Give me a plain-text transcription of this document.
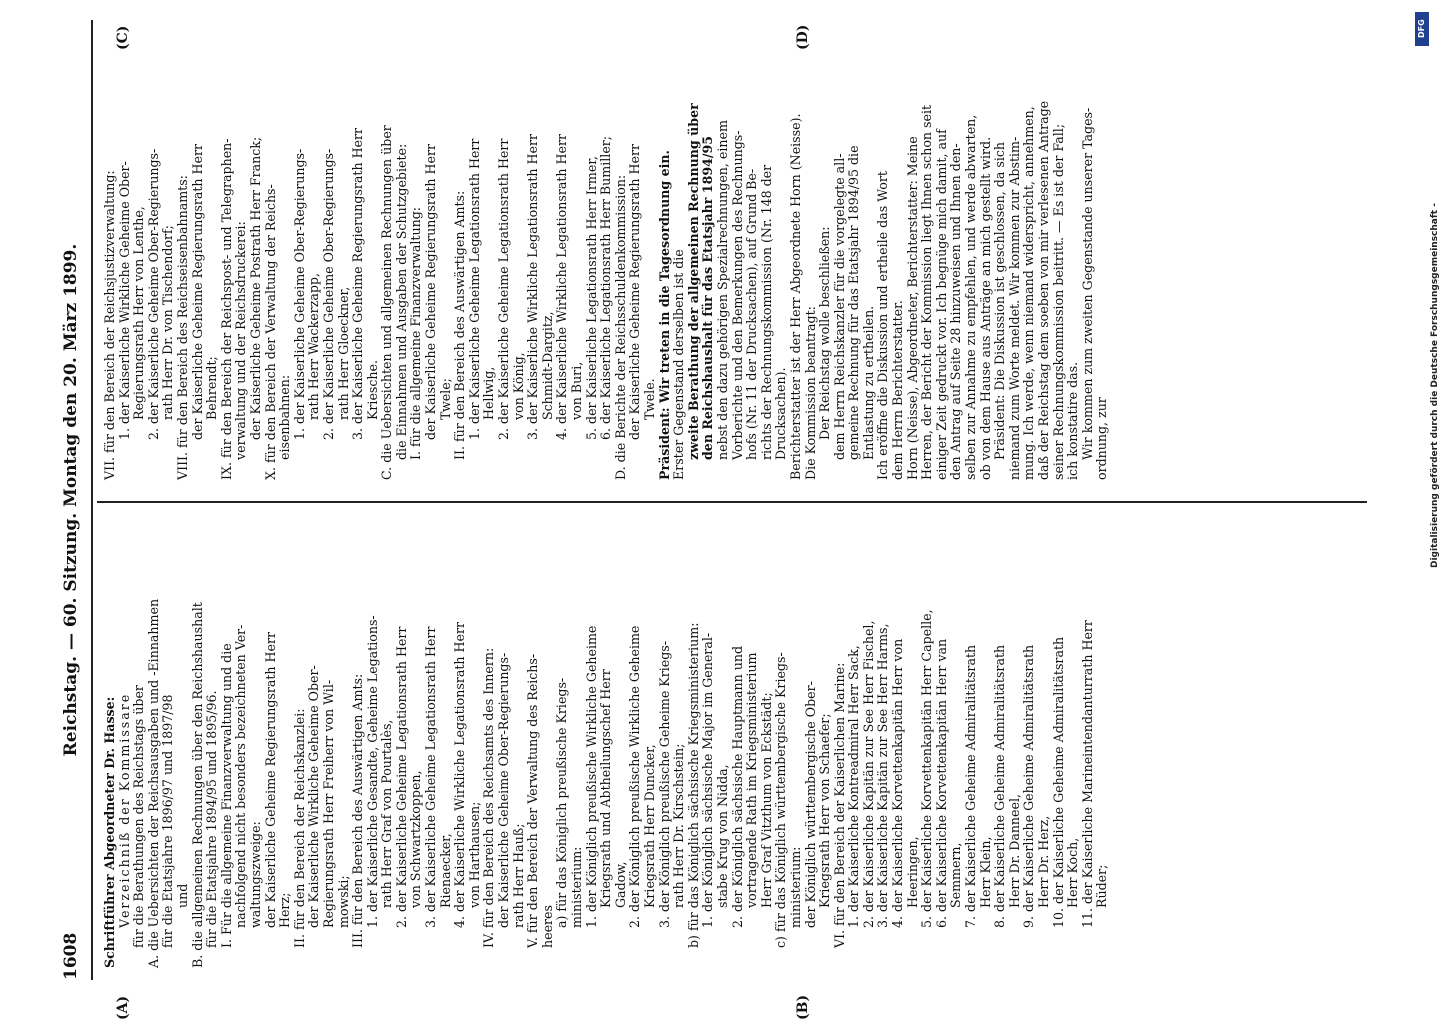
1608
Reichstag. — 60. Sitzung. Montag den 20. März 1899.
(A)	(B)
(C)	(D)
Schriftführer Abgeordneter Dr. Hasse: Verzeichniß der Kommissare für die Berathungen des Reichstags über A. die Uebersichten der Reichsausgaben und -Einnahmen für die Etatsjahre 1896/97 und 1897/98 und B. die allgemeinen Rechnungen über den Reichshaushalt für die Etatsjahre 1894/95 und 1895/96. I. Für die allgemeine Finanzverwaltung und die nachfolgend nicht besonders bezeichneten Ver- waltungszweige: der Kaiserliche Geheime Regierungsrath Herr Herz; II. für den Bereich der Reichskanzlei: der Kaiserliche Wirkliche Geheime Ober- Regierungsrath Herr Freiherr von Wil- mowski; III. für den Bereich des Auswärtigen Amts: 1. der Kaiserliche Gesandte, Geheime Legations- rath Herr Graf von Pourtalès, 2. der Kaiserliche Geheime Legationsrath Herr von Schwartzkoppen, 3. der Kaiserliche Geheime Legationsrath Herr Rienaecker, 4. der Kaiserliche Wirkliche Legationsrath Herr von Harthausen; IV. für den Bereich des Reichsamts des Innern: der Kaiserliche Geheime Ober-Regierungs- rath Herr Hauß; V. für den Bereich der Verwaltung des Reichs- heeres a) für das Königlich preußische Kriegs- ministerium: 1. der Königlich preußische Wirkliche Geheime Kriegsrath und Abtheilungschef Herr Gadow, 2. der Königlich preußische Wirkliche Geheime Kriegsrath Herr Duncker, 3. der Königlich preußische Geheime Kriegs- rath Herr Dr. Kirschstein; b) für das Königlich sächsische Kriegsministerium: 1. der Königlich sächsische Major im General- stabe Krug von Nidda, 2. der Königlich sächsische Hauptmann und vortragende Rath im Kriegsministerium Herr Graf Vitzthum von Eckstädt; c) für das Königlich württembergische Kriegs- ministerium: der Königlich württembergische Ober- Kriegsrath Herr von Schaefer; VI. für den Bereich der Kaiserlichen Marine: 1. der Kaiserliche Kontreadmiral Herr Sack, 2. der Kaiserliche Kapitän zur See Herr Fischel, 3. der Kaiserliche Kapitän zur See Herr Harms, 4. der Kaiserliche Korvettenkapitän Herr von Heeringen, 5. der Kaiserliche Korvettenkapitän Herr Capelle, 6. der Kaiserliche Korvettenkapitän Herr van Semmern, 7. der Kaiserliche Geheime Admiralitätsrath Herr Klein, 8. der Kaiserliche Geheime Admiralitätsrath Herr Dr. Danneel, 9. der Kaiserliche Geheime Admiralitätsrath Herr Dr. Herz, 10. der Kaiserliche Geheime Admiralitätsrath Herr Koch, 11. der Kaiserliche Marineintendanturrath Herr Rüder;
VII. für den Bereich der Reichsjustizverwaltung: 1. der Kaiserliche Wirkliche Geheime Ober- Regierungsrath Herr von Lenthe, 2. der Kaiserliche Geheime Ober-Regierungs- rath Herr Dr. von Tischendorf; VIII. für den Bereich des Reichseisenbahnamts: der Kaiserliche Geheime Regierungsrath Herr Behrendt; IX. für den Bereich der Reichspost- und Telegraphen- verwaltung und der Reichsdruckerei: der Kaiserliche Geheime Postrath Herr Franck; X. für den Bereich der Verwaltung der Reichs- eisenbahnen: 1. der Kaiserliche Geheime Ober-Regierungs- rath Herr Wackerzapp, 2. der Kaiserliche Geheime Ober-Regierungs- rath Herr Gloeckner, 3. der Kaiserliche Geheime Regierungsrath Herr Kriesche. C. die Uebersichten und allgemeinen Rechnungen über die Einnahmen und Ausgaben der Schutzgebiete: I. für die allgemeine Finanzverwaltung: der Kaiserliche Geheime Regierungsrath Herr Twele; II. für den Bereich des Auswärtigen Amts: 1. der Kaiserliche Geheime Legationsrath Herr Hellwig, 2. der Kaiserliche Geheime Legationsrath Herr von König, 3. der Kaiserliche Wirkliche Legationsrath Herr Schmidt-Dargitz, 4. der Kaiserliche Wirkliche Legationsrath Herr von Buri, 5. der Kaiserliche Legationsrath Herr Irmer, 6. der Kaiserliche Legationsrath Herr Bumiller; D. die Berichte der Reichsschuldenkommission: der Kaiserliche Geheime Regierungsrath Herr Twele. Präsident: Wir treten in die Tagesordnung ein. Erster Gegenstand derselben ist die zweite Berathung der allgemeinen Rechnung über den Reichshaushalt für das Etatsjahr 1894/95 nebst den dazu gehörigen Spezialrechnungen, einem Vorberichte und den Bemerkungen des Rechnungs- hofs (Nr. 11 der Drucksachen), auf Grund Be- richts der Rechnungskommission (Nr. 148 der Drucksachen). Berichterstatter ist der Herr Abgeordnete Horn (Neisse). Die Kommission beantragt: Der Reichstag wolle beschließen: dem Herrn Reichskanzler für die vorgelegte all- gemeine Rechnung für das Etatsjahr 1894/95 die Entlastung zu ertheilen. Ich eröffne die Diskussion und ertheile das Wort dem Herrn Berichterstatter. Horn (Neisse), Abgeordneter, Berichterstatter: Meine Herren, der Bericht der Kommission liegt Ihnen schon seit einiger Zeit gedruckt vor. Ich begnüge mich damit, auf den Antrag auf Seite 28 hinzuweisen und Ihnen den- selben zur Annahme zu empfehlen, und werde abwarten, ob von dem Hause aus Anträge an mich gestellt wird. Präsident: Die Diskussion ist geschlossen, da sich niemand zum Worte meldet. Wir kommen zur Abstim- mung. Ich werde, wenn niemand widerspricht, annehmen, daß der Reichstag dem soeben von mir verlesenen Antrage seiner Rechnungskommission beitritt. — Es ist der Fall; ich konstatire das. Wir kommen zum zweiten Gegenstande unserer Tages- ordnung, zur
DFG
Digitalisierung gefördert durch die Deutsche Forschungsgemeinschaft -
